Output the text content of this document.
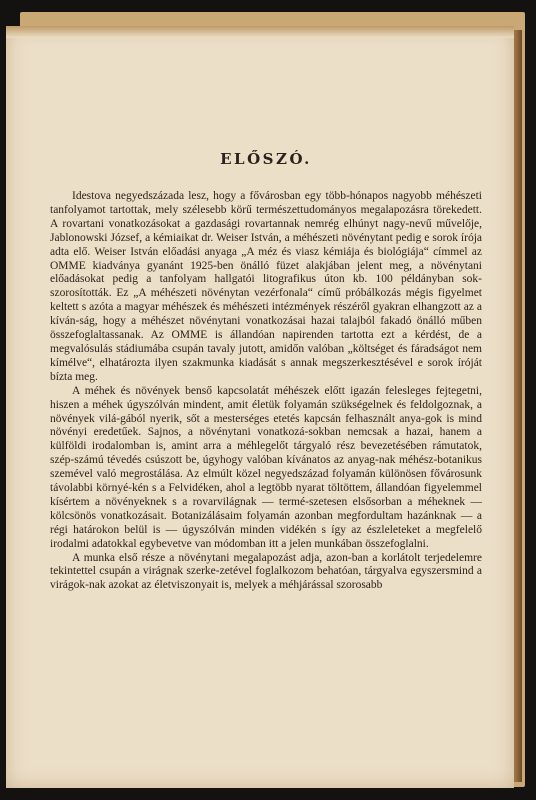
ELŐSZÓ.

Idestova negyedszázada lesz, hogy a fővárosban egy több-hónapos nagyobb méhészeti tanfolyamot tartottak, mely szélesebb körű természettudományos megalapozásra törekedett. A rovartani vonatkozásokat a gazdasági rovartannak nemrég elhúnyt nagy-nevű művelője, Jablonowski József, a kémiaikat dr. Weiser István, a méhészeti növénytant pedig e sorok írója adta elő. Weiser István előadási anyaga „A méz és viasz kémiája és biológiája“ címmel az OMME kiadványa gyanánt 1925-ben önálló füzet alakjában jelent meg, a növénytani előadásokat pedig a tanfolyam hallgatói litografikus úton kb. 100 példányban sok-szorosították. Ez „A méhészeti növénytan vezérfonala“ című próbálkozás mégis figyelmet keltett s azóta a magyar méhészek és méhészeti intézmények részéről gyakran elhangzott az a kíván-ság, hogy a méhészet növénytani vonatkozásai hazai talajból fakadó önálló műben összefoglaltassanak. Az OMME is állandóan napirenden tartotta ezt a kérdést, de a megvalósulás stádiumába csupán tavaly jutott, amidőn valóban „költséget és fáradságot nem kímélve“, elhatározta ilyen szakmunka kiadását s annak megszerkesztésével e sorok íróját bízta meg.

A méhek és növények benső kapcsolatát méhészek előtt igazán felesleges fejtegetni, hiszen a méhek úgyszólván mindent, amit életük folyamán szükségelnek és feldolgoznak, a növények vilá-gából nyerik, sőt a mesterséges etetés kapcsán felhasznált anya-gok is mind növényi eredetűek. Sajnos, a növénytani vonatkozá-sokban nemcsak a hazai, hanem a külföldi irodalomban is, amint arra a méhlegelőt tárgyaló rész bevezetésében rámutatok, szép-számú tévedés csúszott be, úgyhogy valóban kívánatos az anyag-nak méhész-botanikus szemével való megrostálása. Az elmúlt közel negyedszázad folyamán különösen fővárosunk távolabbi környé-kén s a Felvidéken, ahol a legtöbb nyarat töltöttem, állandóan figyelemmel kísértem a növényeknek s a rovarvilágnak — termé-szetesen elsősorban a méheknek — kölcsönös vonatkozásait. Botanizálásaim folyamán azonban megfordultam hazánknak — a régi határokon belül is — úgyszólván minden vidékén s így az észleleteket a megfelelő irodalmi adatokkal egybevetve van módomban itt a jelen munkában összefoglalni.

A munka első része a növénytani megalapozást adja, azon-ban a korlátolt terjedelemre tekintettel csupán a virágnak szerke-zetével foglalkozom behatóan, tárgyalva egyszersmind a virágok-nak azokat az életviszonyait is, melyek a méhjárással szorosabb
